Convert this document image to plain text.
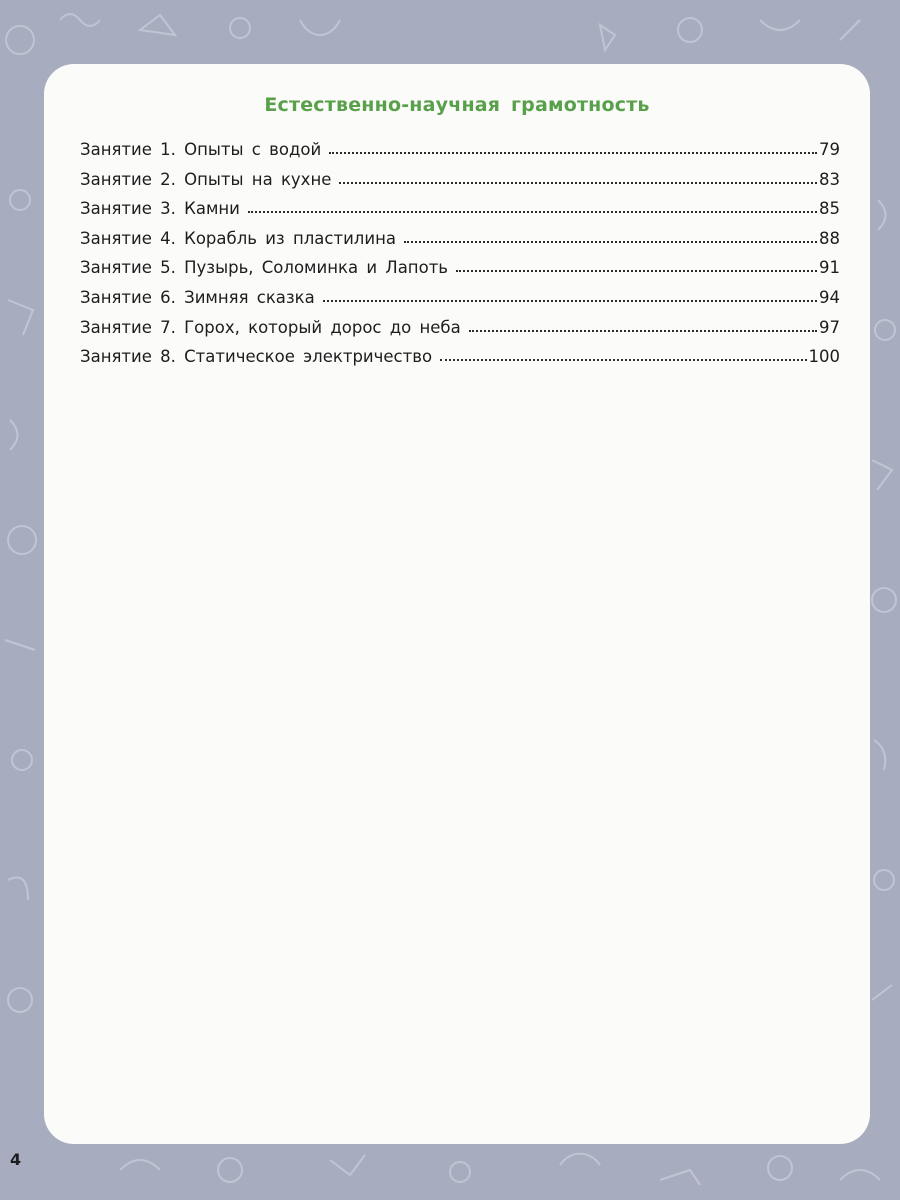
Естественно-научная грамотность
Занятие 1. Опыты с водой	79
Занятие 2. Опыты на кухне	83
Занятие 3. Камни	85
Занятие 4. Корабль из пластилина	88
Занятие 5. Пузырь, Соломинка и Лапоть	91
Занятие 6. Зимняя сказка	94
Занятие 7. Горох, который дорос до неба	97
Занятие 8. Статическое электричество	100
4
